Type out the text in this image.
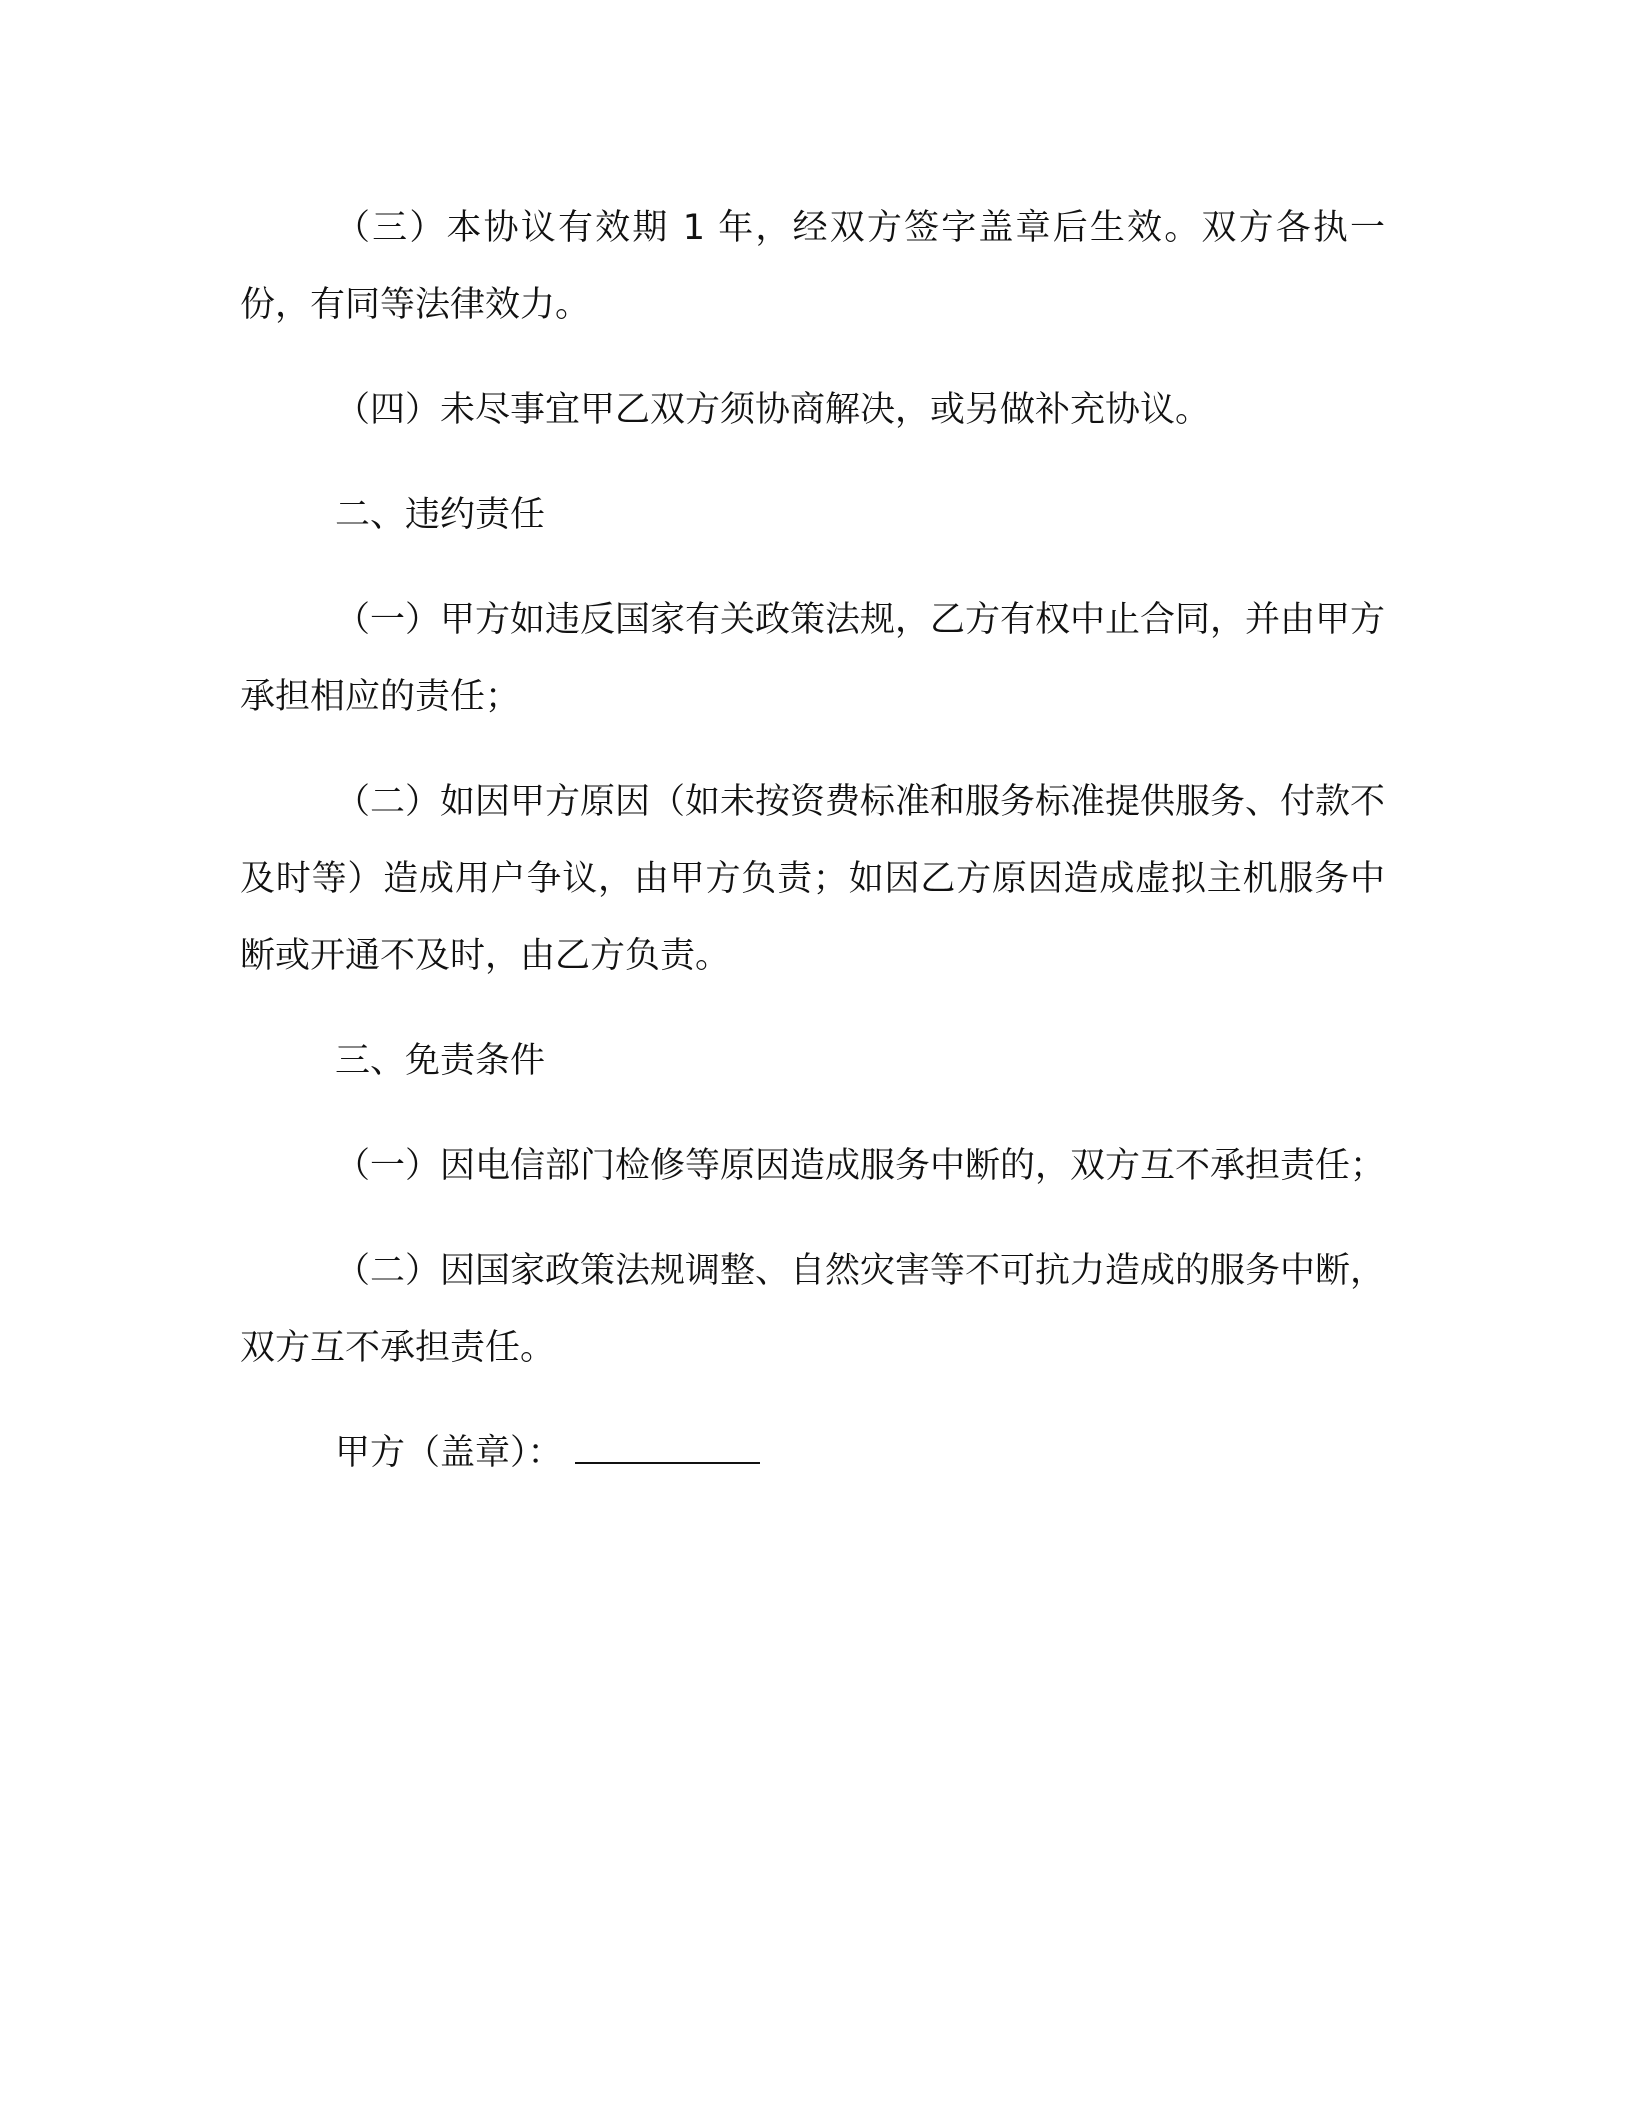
（三）本协议有效期 1 年，经双方签字盖章后生效。双方各执一份，有同等法律效力。

（四）未尽事宜甲乙双方须协商解决，或另做补充协议。

二、违约责任

（一）甲方如违反国家有关政策法规，乙方有权中止合同，并由甲方承担相应的责任；

（二）如因甲方原因（如未按资费标准和服务标准提供服务、付款不及时等）造成用户争议，由甲方负责；如因乙方原因造成虚拟主机服务中断或开通不及时，由乙方负责。

三、免责条件

（一）因电信部门检修等原因造成服务中断的，双方互不承担责任；

（二）因国家政策法规调整、自然灾害等不可抗力造成的服务中断，双方互不承担责任。

甲方（盖章）：
